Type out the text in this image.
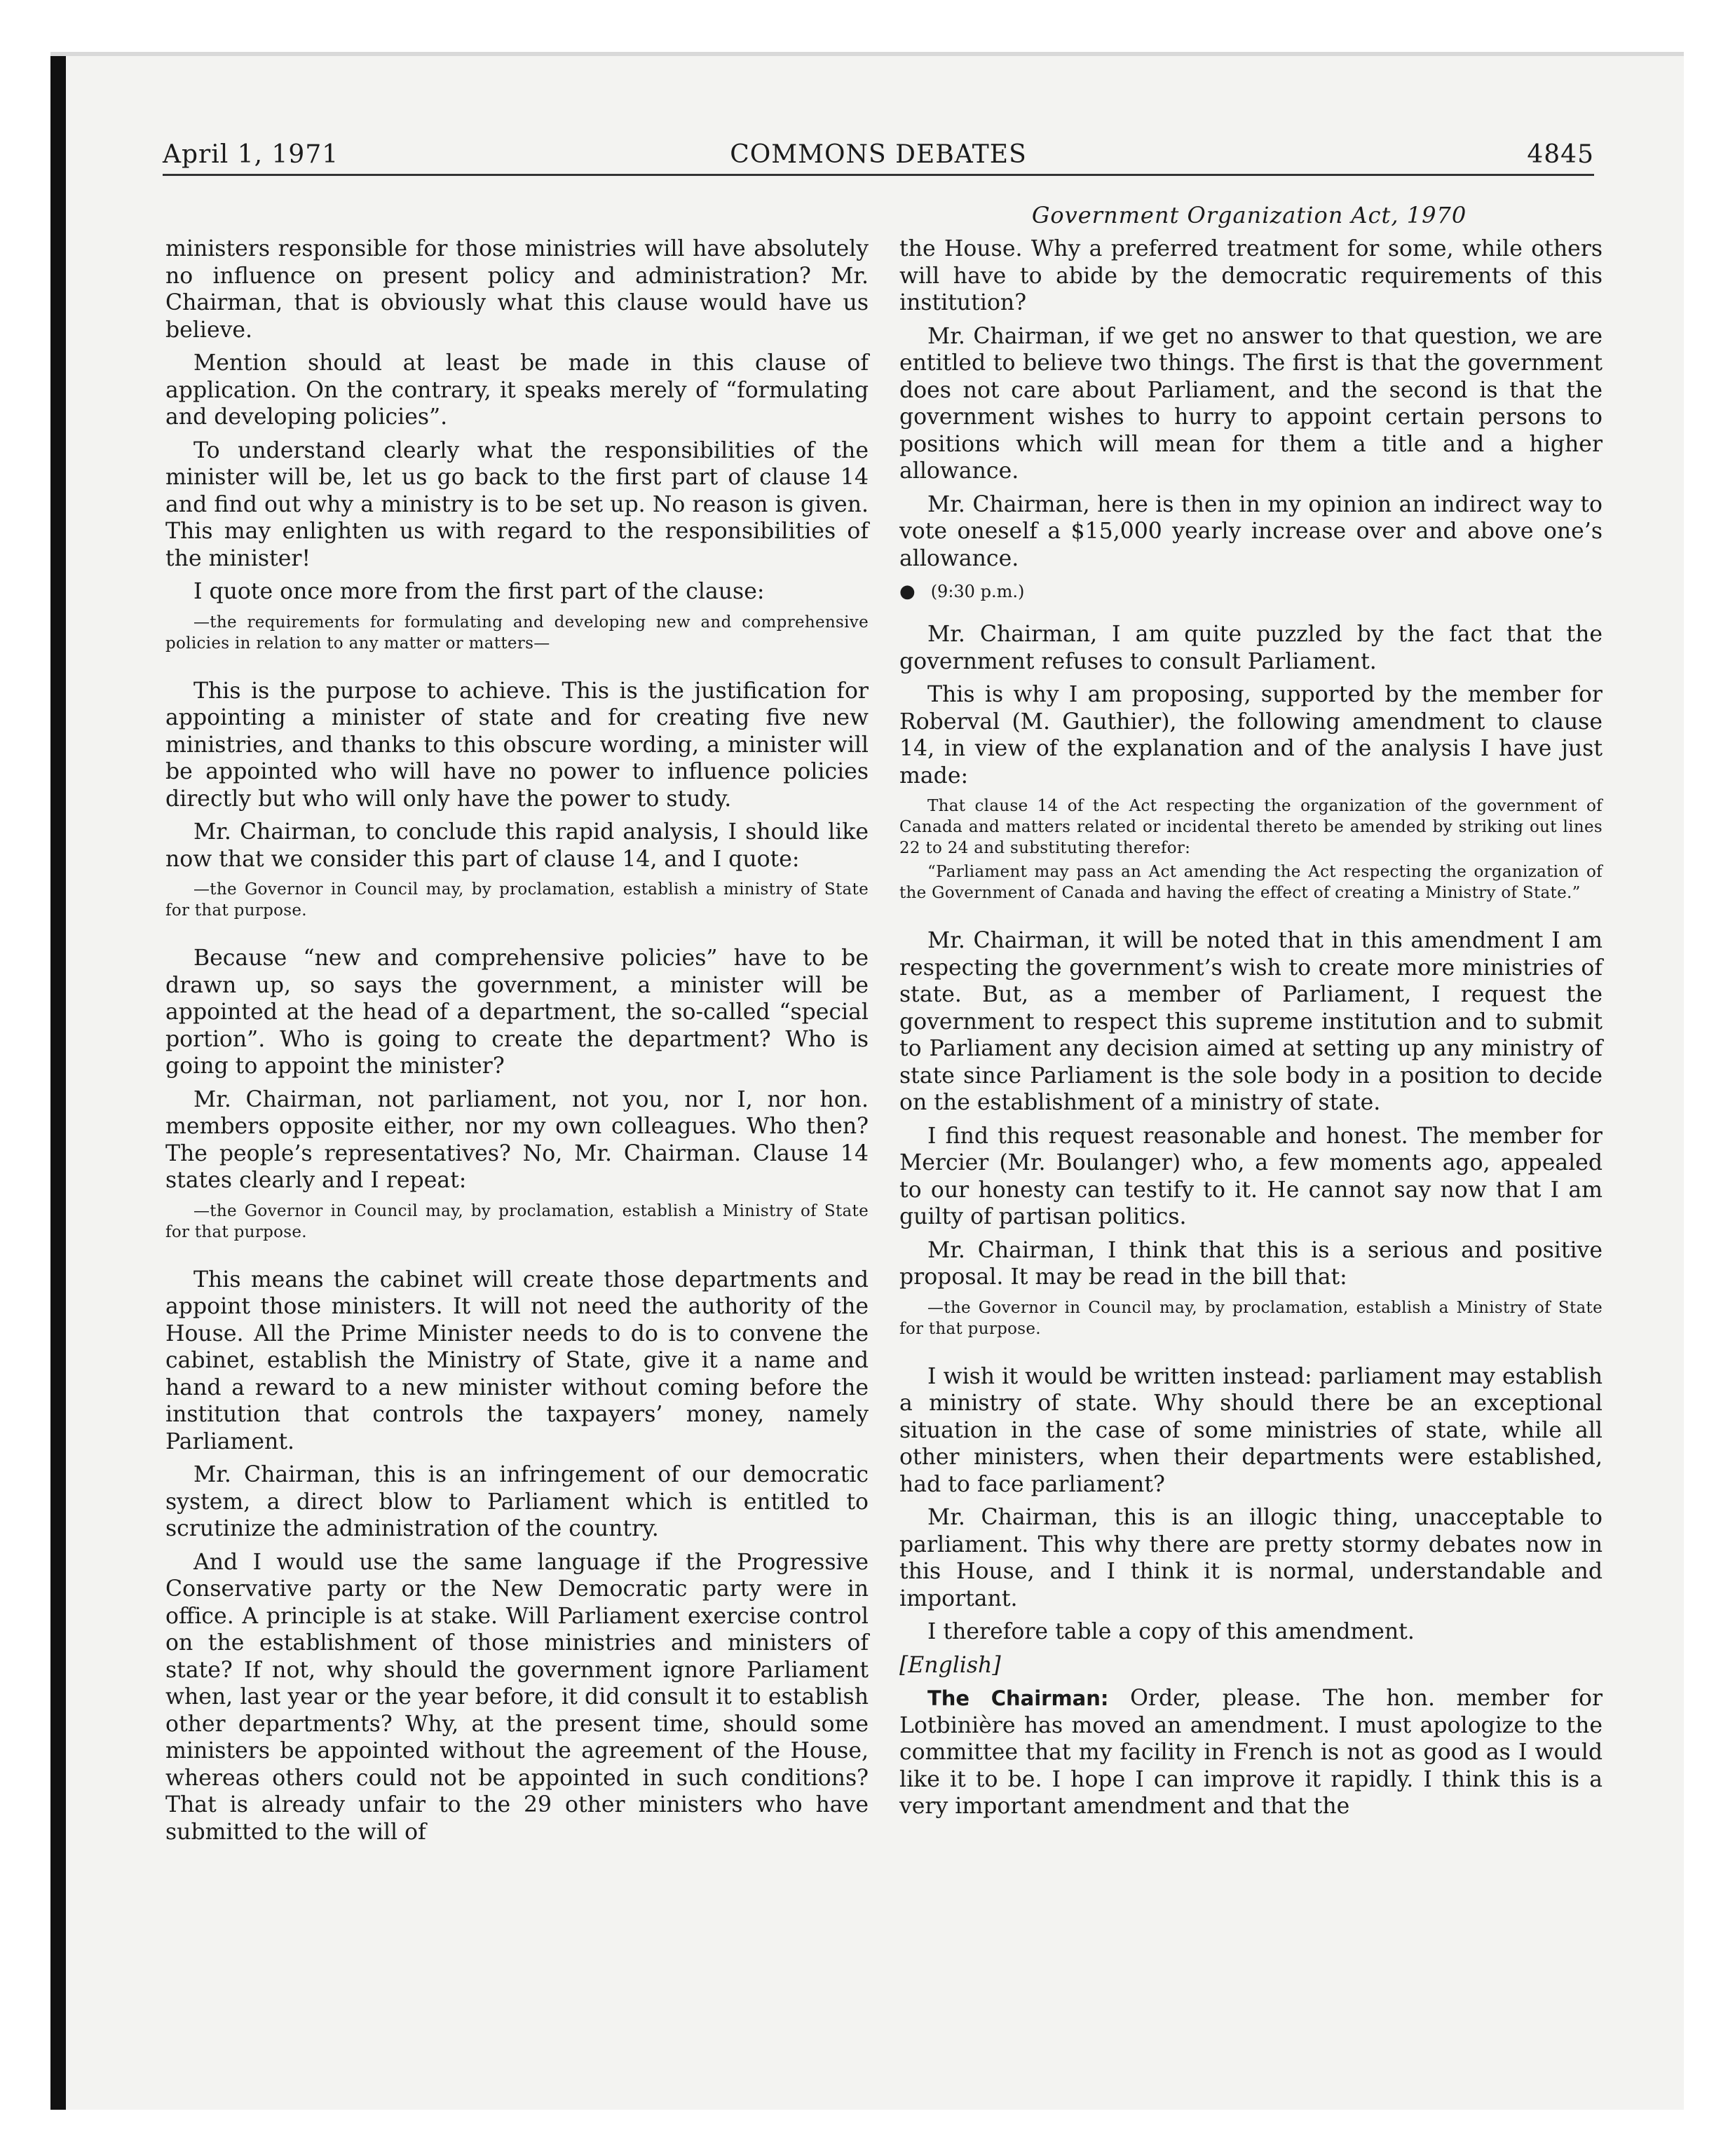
April 1, 1971	COMMONS DEBATES	4845
Government Organization Act, 1970

ministers responsible for those ministries will have absolutely no influence on present policy and administration? Mr. Chairman, that is obviously what this clause would have us believe.

Mention should at least be made in this clause of application. On the contrary, it speaks merely of “formulating and developing policies”.

To understand clearly what the responsibilities of the minister will be, let us go back to the first part of clause 14 and find out why a ministry is to be set up. No reason is given. This may enlighten us with regard to the responsibilities of the minister!

I quote once more from the first part of the clause:

—the requirements for formulating and developing new and comprehensive policies in relation to any matter or matters—

This is the purpose to achieve. This is the justification for appointing a minister of state and for creating five new ministries, and thanks to this obscure wording, a minister will be appointed who will have no power to influence policies directly but who will only have the power to study.

Mr. Chairman, to conclude this rapid analysis, I should like now that we consider this part of clause 14, and I quote:

—the Governor in Council may, by proclamation, establish a ministry of State for that purpose.

Because “new and comprehensive policies” have to be drawn up, so says the government, a minister will be appointed at the head of a department, the so-called “special portion”. Who is going to create the department? Who is going to appoint the minister?

Mr. Chairman, not parliament, not you, nor I, nor hon. members opposite either, nor my own colleagues. Who then? The people’s representatives? No, Mr. Chairman. Clause 14 states clearly and I repeat:

—the Governor in Council may, by proclamation, establish a Ministry of State for that purpose.

This means the cabinet will create those departments and appoint those ministers. It will not need the authority of the House. All the Prime Minister needs to do is to convene the cabinet, establish the Ministry of State, give it a name and hand a reward to a new minister without coming before the institution that controls the taxpayers’ money, namely Parliament.

Mr. Chairman, this is an infringement of our democratic system, a direct blow to Parliament which is entitled to scrutinize the administration of the country.

And I would use the same language if the Progressive Conservative party or the New Democratic party were in office. A principle is at stake. Will Parliament exercise control on the establishment of those ministries and ministers of state? If not, why should the government ignore Parliament when, last year or the year before, it did consult it to establish other departments? Why, at the present time, should some ministers be appointed without the agreement of the House, whereas others could not be appointed in such conditions? That is already unfair to the 29 other ministers who have submitted to the will of

the House. Why a preferred treatment for some, while others will have to abide by the democratic requirements of this institution?

Mr. Chairman, if we get no answer to that question, we are entitled to believe two things. The first is that the government does not care about Parliament, and the second is that the government wishes to hurry to appoint certain persons to positions which will mean for them a title and a higher allowance.

Mr. Chairman, here is then in my opinion an indirect way to vote oneself a $15,000 yearly increase over and above one’s allowance.

● (9:30 p.m.)

Mr. Chairman, I am quite puzzled by the fact that the government refuses to consult Parliament.

This is why I am proposing, supported by the member for Roberval (M. Gauthier), the following amendment to clause 14, in view of the explanation and of the analysis I have just made:

That clause 14 of the Act respecting the organization of the government of Canada and matters related or incidental thereto be amended by striking out lines 22 to 24 and substituting therefor:
“Parliament may pass an Act amending the Act respecting the organization of the Government of Canada and having the effect of creating a Ministry of State.”

Mr. Chairman, it will be noted that in this amendment I am respecting the government’s wish to create more ministries of state. But, as a member of Parliament, I request the government to respect this supreme institution and to submit to Parliament any decision aimed at setting up any ministry of state since Parliament is the sole body in a position to decide on the establishment of a ministry of state.

I find this request reasonable and honest. The member for Mercier (Mr. Boulanger) who, a few moments ago, appealed to our honesty can testify to it. He cannot say now that I am guilty of partisan politics.

Mr. Chairman, I think that this is a serious and positive proposal. It may be read in the bill that:

—the Governor in Council may, by proclamation, establish a Ministry of State for that purpose.

I wish it would be written instead: parliament may establish a ministry of state. Why should there be an exceptional situation in the case of some ministries of state, while all other ministers, when their departments were established, had to face parliament?

Mr. Chairman, this is an illogic thing, unacceptable to parliament. This why there are pretty stormy debates now in this House, and I think it is normal, understandable and important.

I therefore table a copy of this amendment.

[English]

The Chairman: Order, please. The hon. member for Lotbinière has moved an amendment. I must apologize to the committee that my facility in French is not as good as I would like it to be. I hope I can improve it rapidly. I think this is a very important amendment and that the
